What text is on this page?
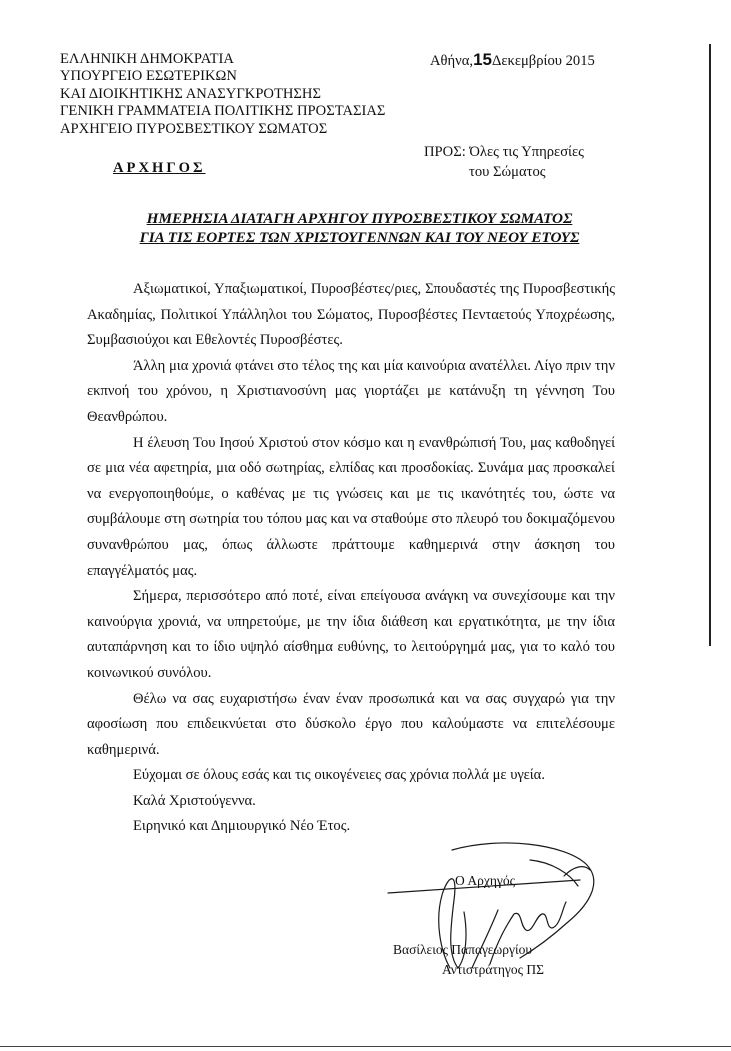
ΕΛΛΗΝΙΚΗ ΔΗΜΟΚΡΑΤΙΑ
ΥΠΟΥΡΓΕΙΟ ΕΣΩΤΕΡΙΚΩΝ
ΚΑΙ ΔΙΟΙΚΗΤΙΚΗΣ ΑΝΑΣΥΓΚΡΟΤΗΣΗΣ
ΓΕΝΙΚΗ ΓΡΑΜΜΑΤΕΙΑ ΠΟΛΙΤΙΚΗΣ ΠΡΟΣΤΑΣΙΑΣ
ΑΡΧΗΓΕΙΟ ΠΥΡΟΣΒΕΣΤΙΚΟΥ ΣΩΜΑΤΟΣ
Αθήνα,15Δεκεμβρίου 2015
ΑΡΧΗΓΟΣ
ΠΡΟΣ: Όλες τις Υπηρεσίες
του Σώματος
ΗΜΕΡΗΣΙΑ ΔΙΑΤΑΓΗ ΑΡΧΗΓΟΥ ΠΥΡΟΣΒΕΣΤΙΚΟΥ ΣΩΜΑΤΟΣ
ΓΙΑ ΤΙΣ ΕΟΡΤΕΣ ΤΩΝ ΧΡΙΣΤΟΥΓΕΝΝΩΝ ΚΑΙ ΤΟΥ ΝΕΟΥ ΕΤΟΥΣ

Αξιωματικοί, Υπαξιωματικοί, Πυροσβέστες/ριες, Σπουδαστές της Πυροσβεστικής Ακαδημίας, Πολιτικοί Υπάλληλοι του Σώματος, Πυροσβέστες Πενταετούς Υποχρέωσης, Συμβασιούχοι και Εθελοντές Πυροσβέστες.

Άλλη μια χρονιά φτάνει στο τέλος της και μία καινούρια ανατέλλει. Λίγο πριν την εκπνοή του χρόνου, η Χριστιανοσύνη μας γιορτάζει με κατάνυξη τη γέννηση Του Θεανθρώπου.

Η έλευση Του Ιησού Χριστού στον κόσμο και η ενανθρώπισή Του, μας καθοδηγεί σε μια νέα αφετηρία, μια οδό σωτηρίας, ελπίδας και προσδοκίας. Συνάμα μας προσκαλεί να ενεργοποιηθούμε, ο καθένας με τις γνώσεις και με τις ικανότητές του, ώστε να συμβάλουμε στη σωτηρία του τόπου μας και να σταθούμε στο πλευρό του δοκιμαζόμενου συνανθρώπου μας, όπως άλλωστε πράττουμε καθημερινά στην άσκηση του επαγγέλματός μας.

Σήμερα, περισσότερο από ποτέ, είναι επείγουσα ανάγκη να συνεχίσουμε και την καινούργια χρονιά, να υπηρετούμε, με την ίδια διάθεση και εργατικότητα, με την ίδια αυταπάρνηση και το ίδιο υψηλό αίσθημα ευθύνης, το λειτούργημά μας, για το καλό του κοινωνικού συνόλου.

Θέλω να σας ευχαριστήσω έναν έναν προσωπικά και να σας συγχαρώ για την αφοσίωση που επιδεικνύεται στο δύσκολο έργο που καλούμαστε να επιτελέσουμε καθημερινά.

Εύχομαι σε όλους εσάς και τις οικογένειες σας χρόνια πολλά με υγεία.

Καλά Χριστούγεννα.

Ειρηνικό και Δημιουργικό Νέο Έτος.

Ο Αρχηγός
Βασίλειος Παπαγεωργίου
Αντιστράτηγος ΠΣ
